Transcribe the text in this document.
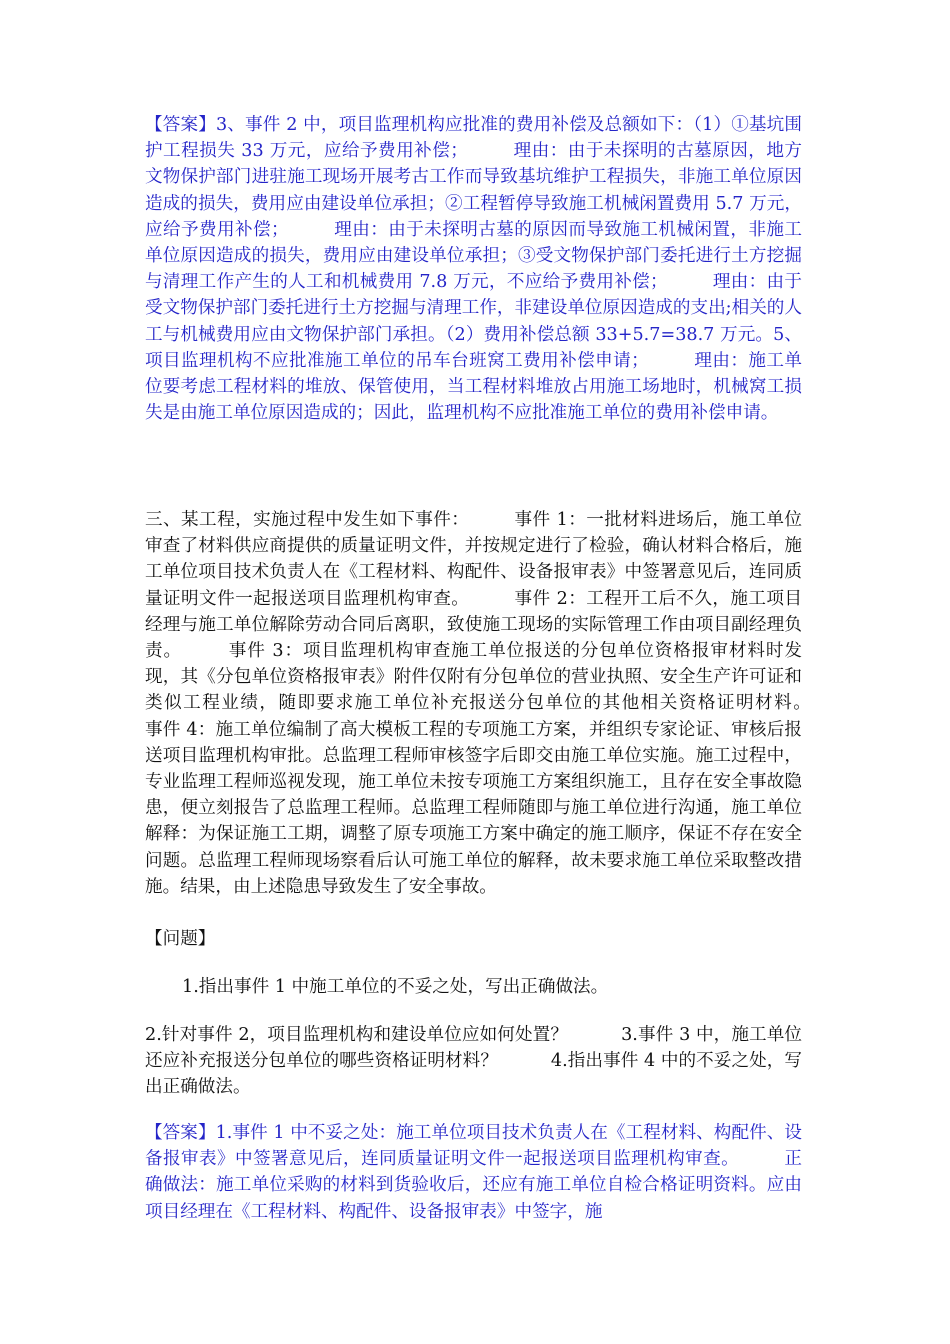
【答案】3、事件 2 中，项目监理机构应批准的费用补偿及总额如下：（1）①基坑围护工程损失 33 万元，应给予费用补偿；　　　理由：由于未探明的古墓原因，地方文物保护部门进驻施工现场开展考古工作而导致基坑维护工程损失，非施工单位原因造成的损失，费用应由建设单位承担；②工程暂停导致施工机械闲置费用 5.7 万元，应给予费用补偿；　　　理由：由于未探明古墓的原因而导致施工机械闲置，非施工单位原因造成的损失，费用应由建设单位承担；③受文物保护部门委托进行土方挖掘与清理工作产生的人工和机械费用 7.8 万元，不应给予费用补偿；　　　理由：由于受文物保护部门委托进行土方挖掘与清理工作，非建设单位原因造成的支出;相关的人工与机械费用应由文物保护部门承担。（2）费用补偿总额 33+5.7=38.7 万元。5、项目监理机构不应批准施工单位的吊车台班窝工费用补偿申请；　　　理由：施工单位要考虑工程材料的堆放、保管使用，当工程材料堆放占用施工场地时，机械窝工损失是由施工单位原因造成的；因此，监理机构不应批准施工单位的费用补偿申请。

三、某工程，实施过程中发生如下事件：　　　事件 1：一批材料进场后，施工单位审查了材料供应商提供的质量证明文件，并按规定进行了检验，确认材料合格后，施工单位项目技术负责人在《工程材料、构配件、设备报审表》中签署意见后，连同质量证明文件一起报送项目监理机构审查。　　　事件 2：工程开工后不久，施工项目经理与施工单位解除劳动合同后离职，致使施工现场的实际管理工作由项目副经理负责。　　　事件 3：项目监理机构审查施工单位报送的分包单位资格报审材料时发现，其《分包单位资格报审表》附件仅附有分包单位的营业执照、安全生产许可证和类似工程业绩，随即要求施工单位补充报送分包单位的其他相关资格证明材料。　　　事件 4：施工单位编制了高大模板工程的专项施工方案，并组织专家论证、审核后报送项目监理机构审批。总监理工程师审核签字后即交由施工单位实施。施工过程中，专业监理工程师巡视发现，施工单位未按专项施工方案组织施工，且存在安全事故隐患，便立刻报告了总监理工程师。总监理工程师随即与施工单位进行沟通，施工单位解释：为保证施工工期，调整了原专项施工方案中确定的施工顺序，保证不存在安全问题。总监理工程师现场察看后认可施工单位的解释，故未要求施工单位采取整改措施。结果，由上述隐患导致发生了安全事故。

【问题】

1.指出事件 1 中施工单位的不妥之处，写出正确做法。

2.针对事件 2，项目监理机构和建设单位应如何处置？　　　3.事件 3 中，施工单位还应补充报送分包单位的哪些资格证明材料？　　　4.指出事件 4 中的不妥之处，写出正确做法。

【答案】1.事件 1 中不妥之处：施工单位项目技术负责人在《工程材料、构配件、设备报审表》中签署意见后，连同质量证明文件一起报送项目监理机构审查。　　　正确做法：施工单位采购的材料到货验收后，还应有施工单位自检合格证明资料。应由项目经理在《工程材料、构配件、设备报审表》中签字，施
